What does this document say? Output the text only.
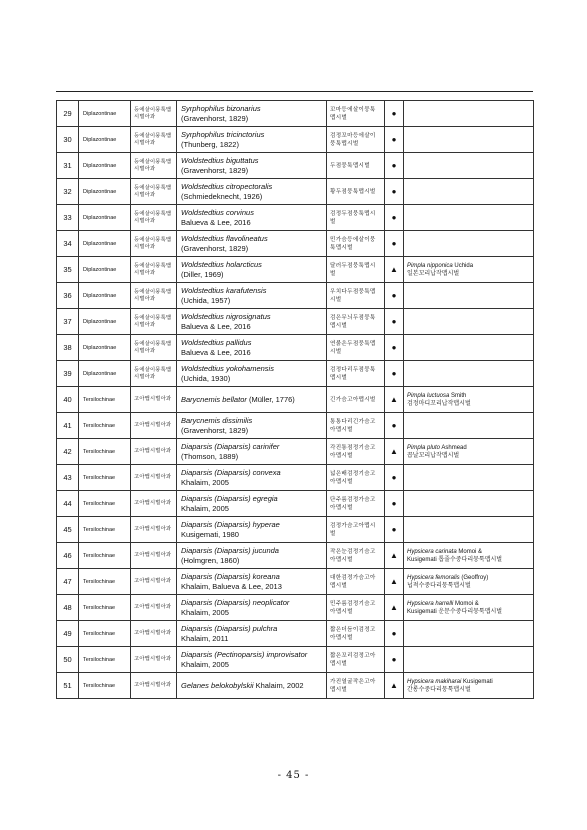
29	Diplazontinae	등에살이뭉툭맵시벌아과	Syrphophilus bizonarius
(Gravenhorst, 1829)	꼬마등에살이뭉툭맵시벌	●	

30	Diplazontinae	등에살이뭉툭맵시벌아과	Syrphophilus tricinctorius
(Thunberg, 1822)	검정꼬마등에살이뭉툭맵시벌	●	

31	Diplazontinae	등에살이뭉툭맵시벌아과	Woldstedtius biguttatus
(Gravenhorst, 1829)	두점뭉툭맵시벌	●	

32	Diplazontinae	등에살이뭉툭맵시벌아과	Woldstedtius citropectoralis
(Schmiedeknecht, 1926)	황두점뭉툭맵시벌	●	

33	Diplazontinae	등에살이뭉툭맵시벌아과	Woldstedtius corvinus
Balueva & Lee, 2016	검정두점뭉툭맵시벌	●	

34	Diplazontinae	등에살이뭉툭맵시벌아과	Woldstedtius flavolineatus
(Gravenhorst, 1829)	민가슴등에살이뭉툭맵시벌	●	

35	Diplazontinae	등에살이뭉툭맵시벌아과	Woldstedtius holarcticus
(Diller, 1969)	달러두점뭉툭맵시벌	▲	Pimpla nipponica Uchida
일본꼬리납작맵시벌
36	Diplazontinae	등에살이뭉툭맵시벌아과	Woldstedtius karafutensis
(Uchida, 1957)	우치다두점뭉툭맵시벌	●	

37	Diplazontinae	등에살이뭉툭맵시벌아과	Woldstedtius nigrosignatus
Balueva & Lee, 2016	검은무늬두점뭉툭맵시벌	●	

38	Diplazontinae	등에살이뭉툭맵시벌아과	Woldstedtius pallidus
Balueva & Lee, 2016	연붉은두점뭉툭맵시벌	●	

39	Diplazontinae	등에살이뭉툭맵시벌아과	Woldstedtius yokohamensis
(Uchida, 1930)	검정다리두점뭉툭맵시벌	●	

40	Tersilochinae	고아맵시벌아과	Barycnemis bellator (Müller, 1776)	긴가슴고아맵시벌	▲	Pimpla luctuosa Smith
검정마디꼬리납작맵시벌
41	Tersilochinae	고아맵시벌아과	Barycnemis dissimilis
(Gravenhorst, 1829)	통통다리긴가슴고아맵시벌	●	

42	Tersilochinae	고아맵시벌아과	Diaparsis (Diaparsis) carinifer
(Thomson, 1889)	각진통점정기슴고아맵시벌	▲	Pimpla pluto Ashmead
꼽날꼬리납작맵시벌
43	Tersilochinae	고아맵시벌아과	Diaparsis (Diaparsis) convexa
Khalaim, 2005	넓은배검정기슴고아맵시벌	●	

44	Tersilochinae	고아맵시벌아과	Diaparsis (Diaparsis) egregia
Khalaim, 2005	단주름검정가슴고아맵시벌	●	

45	Tersilochinae	고아맵시벌아과	Diaparsis (Diaparsis) hyperae
Kusigemati, 1980	검정가슴고아맵시벌	●	

46	Tersilochinae	고아맵시벌아과	Diaparsis (Diaparsis) jucunda
(Holmgren, 1860)	작은눈검정기슴고아맵시벌	▲	Hypsicera carinata Momoi &
Kusigemati 톱줄수중다리뭉툭맵시벌
47	Tersilochinae	고아맵시벌아과	Diaparsis (Diaparsis) koreana
Khalaim, Balueva & Lee, 2013	대한검정가슴고아맵시벌	▲	Hypsicera femoralis (Geoffroy)
넙적수중다리뭉툭맵시벌
48	Tersilochinae	고아맵시벌아과	Diaparsis (Diaparsis) neoplicator
Khalaim, 2005	민주름검정기슴고아맵시벌	▲	Hypsicera harrelli Momoi &
Kusigemati 운문수중다리뭉툭맵시벌
49	Tersilochinae	고아맵시벌아과	Diaparsis (Diaparsis) pulchra
Khalaim, 2011	짧은더듬이검정고아맵시벌	●	

50	Tersilochinae	고아맵시벌아과	Diaparsis (Pectinoparsis) improvisator
Khalaim, 2005	짧은꼬리검정고아맵시벌	●	

51	Tersilochinae	고아맵시벌아과	Gelanes belokobylskii Khalaim, 2002	가진열굴작은고아맵시벌	▲	Hypsicera makiharai Kusigemati
간롱수중다리뭉툭맵시벌
- 45 -
